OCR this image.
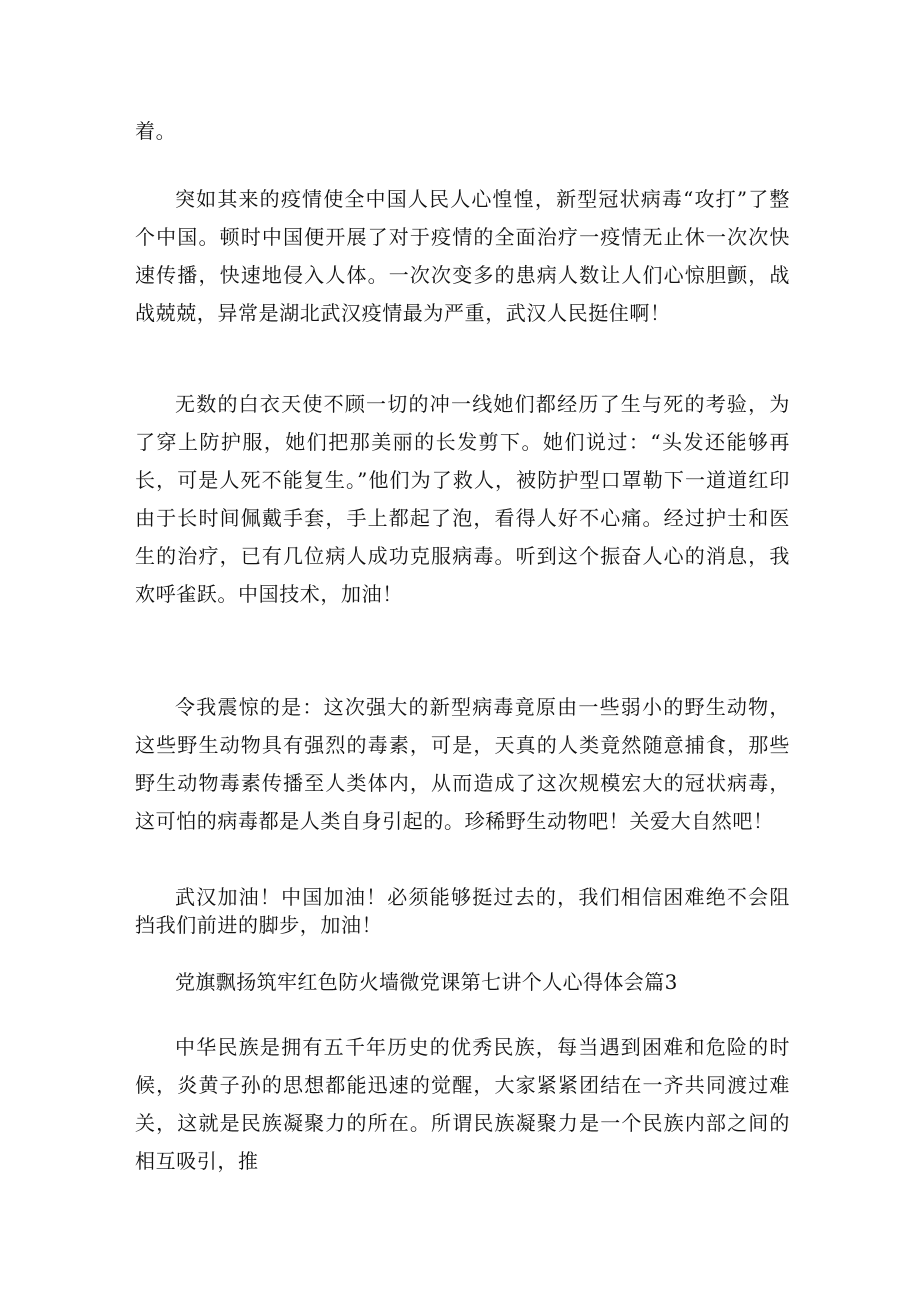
着。

突如其来的疫情使全中国人民人心惶惶，新型冠状病毒“攻打”了整个中国。顿时中国便开展了对于疫情的全面治疗一疫情无止休一次次快速传播，快速地侵入人体。一次次变多的患病人数让人们心惊胆颤，战战兢兢，异常是湖北武汉疫情最为严重，武汉人民挺住啊！

无数的白衣天使不顾一切的冲一线她们都经历了生与死的考验，为了穿上防护服，她们把那美丽的长发剪下。她们说过：“头发还能够再长，可是人死不能复生。”他们为了救人，被防护型口罩勒下一道道红印由于长时间佩戴手套，手上都起了泡，看得人好不心痛。经过护士和医生的治疗，已有几位病人成功克服病毒。听到这个振奋人心的消息，我欢呼雀跃。中国技术，加油！

令我震惊的是：这次强大的新型病毒竟原由一些弱小的野生动物，这些野生动物具有强烈的毒素，可是，天真的人类竟然随意捕食，那些野生动物毒素传播至人类体内，从而造成了这次规模宏大的冠状病毒，这可怕的病毒都是人类自身引起的。珍稀野生动物吧！关爱大自然吧！

武汉加油！中国加油！必须能够挺过去的，我们相信困难绝不会阻挡我们前进的脚步，加油！

党旗飘扬筑牢红色防火墙微党课第七讲个人心得体会篇3

中华民族是拥有五千年历史的优秀民族，每当遇到困难和危险的时候，炎黄子孙的思想都能迅速的觉醒，大家紧紧团结在一齐共同渡过难关，这就是民族凝聚力的所在。所谓民族凝聚力是一个民族内部之间的相互吸引，推
